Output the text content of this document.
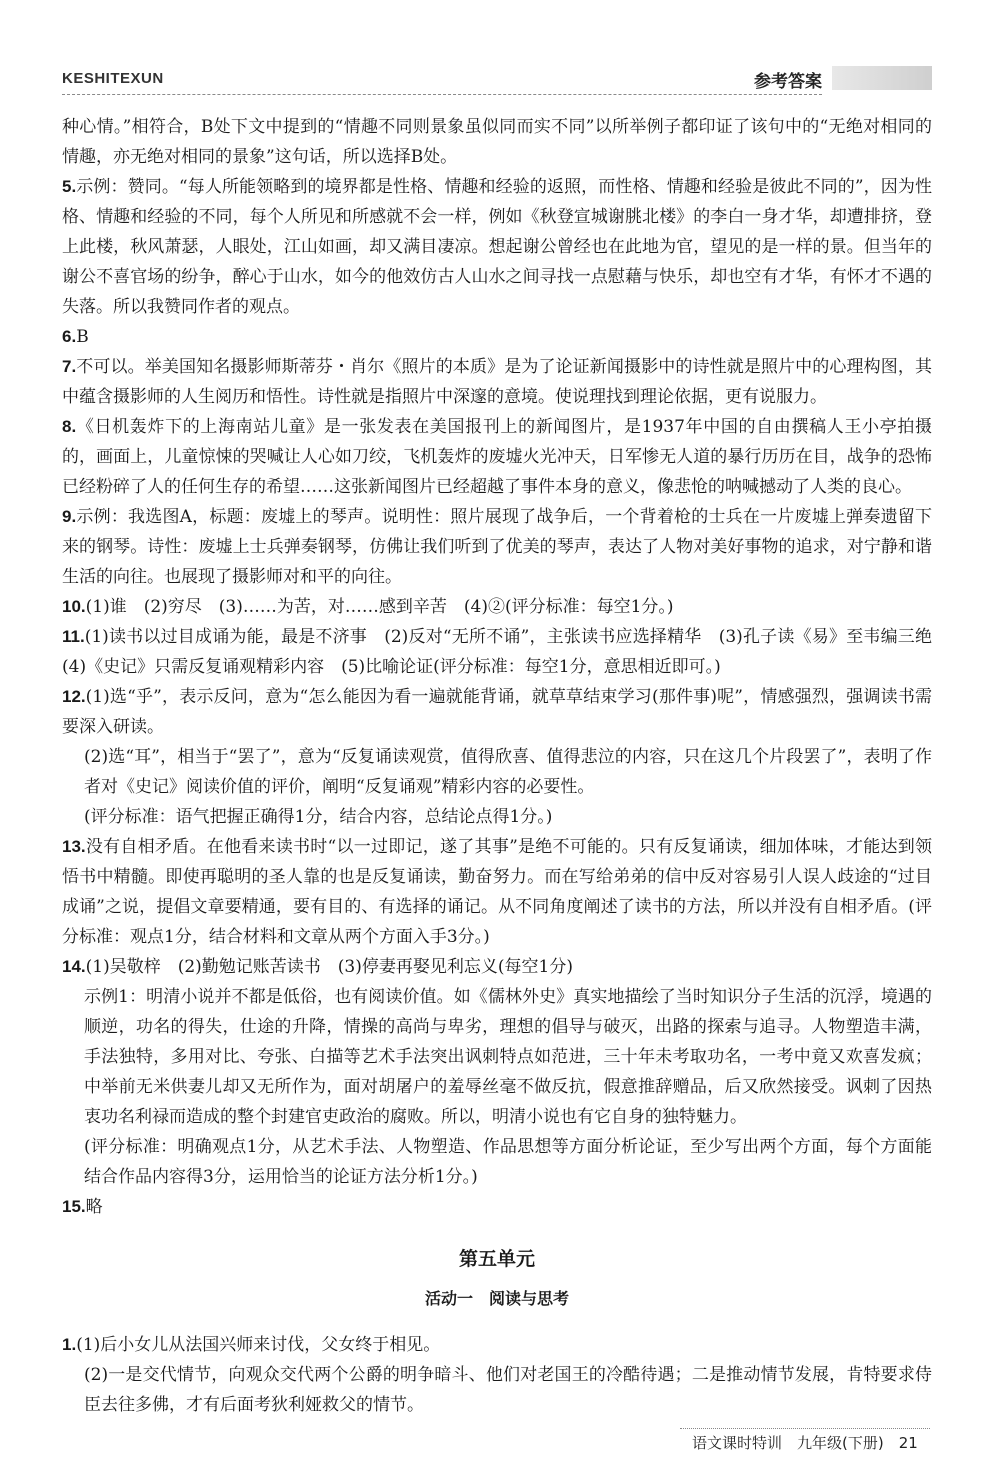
KESHITEXUN	参考答案

种心情。”相符合，B处下文中提到的“情趣不同则景象虽似同而实不同”以所举例子都印证了该句中的“无绝对相同的情趣，亦无绝对相同的景象”这句话，所以选择B处。

5.示例：赞同。“每人所能领略到的境界都是性格、情趣和经验的返照，而性格、情趣和经验是彼此不同的”，因为性格、情趣和经验的不同，每个人所见和所感就不会一样，例如《秋登宣城谢朓北楼》的李白一身才华，却遭排挤，登上此楼，秋风萧瑟，人眼处，江山如画，却又满目凄凉。想起谢公曾经也在此地为官，望见的是一样的景。但当年的谢公不喜官场的纷争，醉心于山水，如今的他效仿古人山水之间寻找一点慰藉与快乐，却也空有才华，有怀才不遇的失落。所以我赞同作者的观点。

6.B

7.不可以。举美国知名摄影师斯蒂芬・肖尔《照片的本质》是为了论证新闻摄影中的诗性就是照片中的心理构图，其中蕴含摄影师的人生阅历和悟性。诗性就是指照片中深邃的意境。使说理找到理论依据，更有说服力。

8.《日机轰炸下的上海南站儿童》是一张发表在美国报刊上的新闻图片，是1937年中国的自由撰稿人王小亭拍摄的，画面上，儿童惊悚的哭喊让人心如刀绞，飞机轰炸的废墟火光冲天，日军惨无人道的暴行历历在目，战争的恐怖已经粉碎了人的任何生存的希望……这张新闻图片已经超越了事件本身的意义，像悲怆的呐喊撼动了人类的良心。

9.示例：我选图A，标题：废墟上的琴声。说明性：照片展现了战争后，一个背着枪的士兵在一片废墟上弹奏遗留下来的钢琴。诗性：废墟上士兵弹奏钢琴，仿佛让我们听到了优美的琴声，表达了人物对美好事物的追求，对宁静和谐生活的向往。也展现了摄影师对和平的向往。

10.(1)谁　(2)穷尽　(3)……为苦，对……感到辛苦　(4)②(评分标准：每空1分。)

11.(1)读书以过目成诵为能，最是不济事　(2)反对“无所不诵”，主张读书应选择精华　(3)孔子读《易》至韦编三绝　(4)《史记》只需反复诵观精彩内容　(5)比喻论证(评分标准：每空1分，意思相近即可。)

12.(1)选“乎”，表示反问，意为“怎么能因为看一遍就能背诵，就草草结束学习(那件事)呢”，情感强烈，强调读书需要深入研读。

(2)选“耳”，相当于“罢了”，意为“反复诵读观赏，值得欣喜、值得悲泣的内容，只在这几个片段罢了”，表明了作者对《史记》阅读价值的评价，阐明“反复诵观”精彩内容的必要性。

(评分标准：语气把握正确得1分，结合内容，总结论点得1分。)

13.没有自相矛盾。在他看来读书时“以一过即记，遂了其事”是绝不可能的。只有反复诵读，细加体味，才能达到领悟书中精髓。即使再聪明的圣人靠的也是反复诵读，勤奋努力。而在写给弟弟的信中反对容易引人误人歧途的“过目成诵”之说，提倡文章要精通，要有目的、有选择的诵记。从不同角度阐述了读书的方法，所以并没有自相矛盾。(评分标准：观点1分，结合材料和文章从两个方面入手3分。)

14.(1)吴敬梓　(2)勤勉记账苦读书　(3)停妻再娶见利忘义(每空1分)

示例1：明清小说并不都是低俗，也有阅读价值。如《儒林外史》真实地描绘了当时知识分子生活的沉浮，境遇的顺逆，功名的得失，仕途的升降，情操的高尚与卑劣，理想的倡导与破灭，出路的探索与追寻。人物塑造丰满，手法独特，多用对比、夸张、白描等艺术手法突出讽刺特点如范进，三十年未考取功名，一考中竟又欢喜发疯；中举前无米供妻儿却又无所作为，面对胡屠户的羞辱丝毫不做反抗，假意推辞赠品，后又欣然接受。讽刺了因热衷功名利禄而造成的整个封建官吏政治的腐败。所以，明清小说也有它自身的独特魅力。

(评分标准：明确观点1分，从艺术手法、人物塑造、作品思想等方面分析论证，至少写出两个方面，每个方面能结合作品内容得3分，运用恰当的论证方法分析1分。)

15.略

第五单元
活动一　阅读与思考

1.(1)后小女儿从法国兴师来讨伐，父女终于相见。

(2)一是交代情节，向观众交代两个公爵的明争暗斗、他们对老国王的冷酷待遇；二是推动情节发展，肯特要求侍臣去往多佛，才有后面考狄利娅救父的情节。

语文课时特训　九年级(下册)　21
